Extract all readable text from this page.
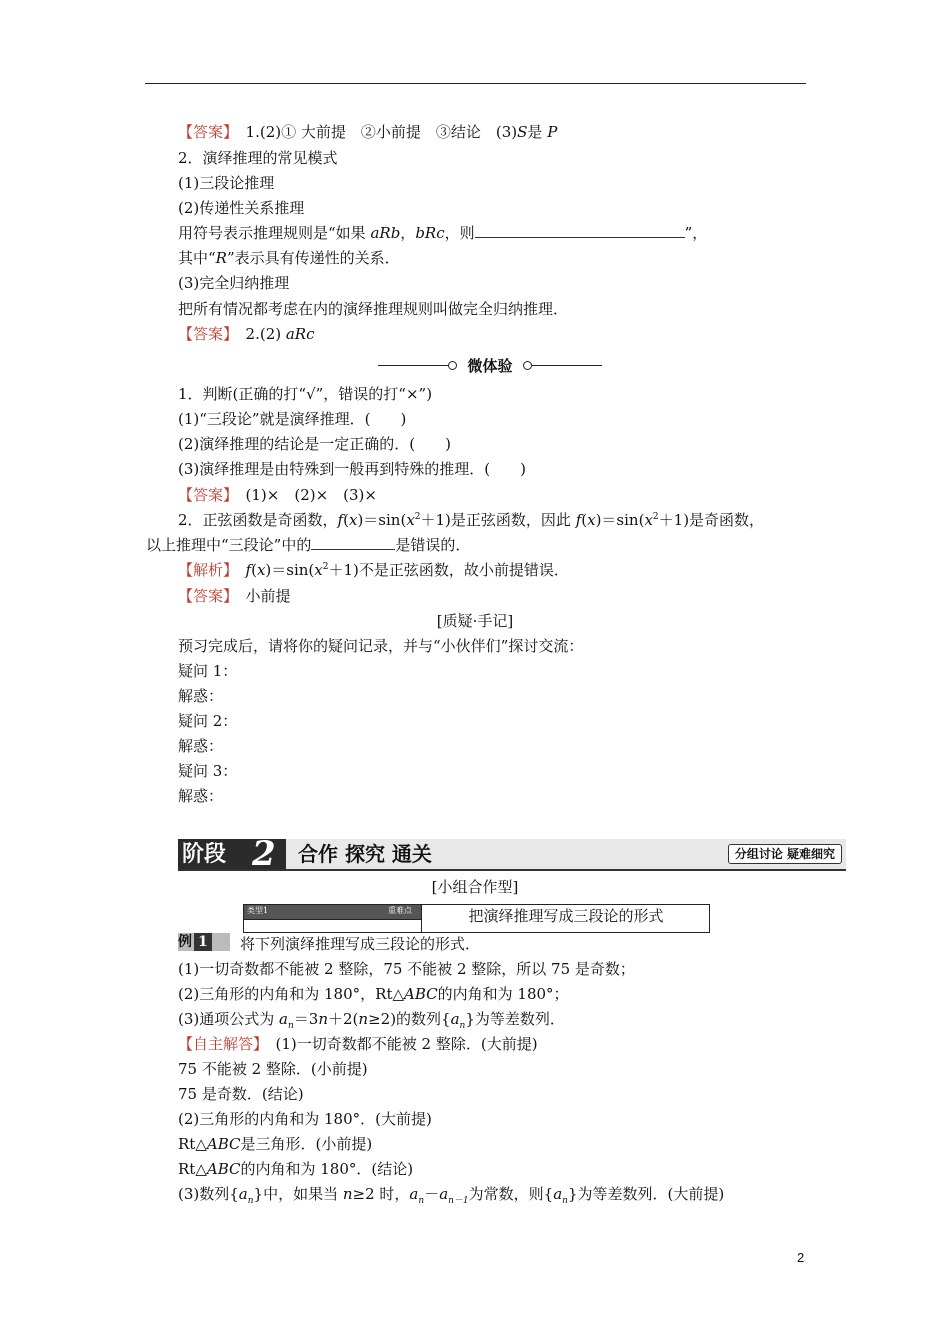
【答案】　 1.(2)① 大前提　②小前提　③结论　(3)S是 P
2．演绎推理的常见模式
(1)三段论推理
(2)传递性关系推理
用符号表示推理规则是“如果 aRb，bRc，则	”，
其中“R”表示具有传递性的关系．
(3)完全归纳推理
把所有情况都考虑在内的演绎推理规则叫做完全归纳推理．
【答案】　 2.(2) aRc
微体验
1．判断(正确的打“√”，错误的打“×”)
(1)“三段论”就是演绎推理．(　　)
(2)演绎推理的结论是一定正确的．(　　)
(3)演绎推理是由特殊到一般再到特殊的推理．(　　)
【答案】　 (1)×　(2)×　(3)×
2．正弦函数是奇函数，$f(x)=\sin(x^2+1)$是正弦函数，因此 $f(x)=\sin(x^2+1)$是奇函数，
以上推理中“三段论”中的	是错误的．
【解析】　 $f(x)=\sin(x^2+1)$不是正弦函数，故小前提错误．
【答案】　 小前提
[质疑·手记]
预习完成后，请将你的疑问记录，并与“小伙伴们”探讨交流：
疑问 1：
解惑：
疑问 2：
解惑：
疑问 3：
解惑：
阶段 2 合作 探究 通关	分组讨论 疑难细究
[小组合作型]
类型1	重难点	把演绎推理写成三段论的形式
例 1	将下列演绎推理写成三段论的形式．
(1)一切奇数都不能被 2 整除，75 不能被 2 整除，所以 75 是奇数；
(2)三角形的内角和为 180°，Rt△ABC的内角和为 180°；
(3)通项公式为 $a_n=3n+2(n\ge 2)$的数列$\{a_n\}$为等差数列．
【自主解答】　 (1)一切奇数都不能被 2 整除．(大前提)
75 不能被 2 整除．(小前提)
75 是奇数．(结论)
(2)三角形的内角和为 180°．(大前提)
Rt△ABC是三角形．(小前提)
Rt△ABC的内角和为 180°．(结论)
(3)数列$\{a_n\}$中，如果当 n≥2 时，$a_n-a_{n-1}$为常数，则$\{a_n\}$为等差数列．(大前提)
2
